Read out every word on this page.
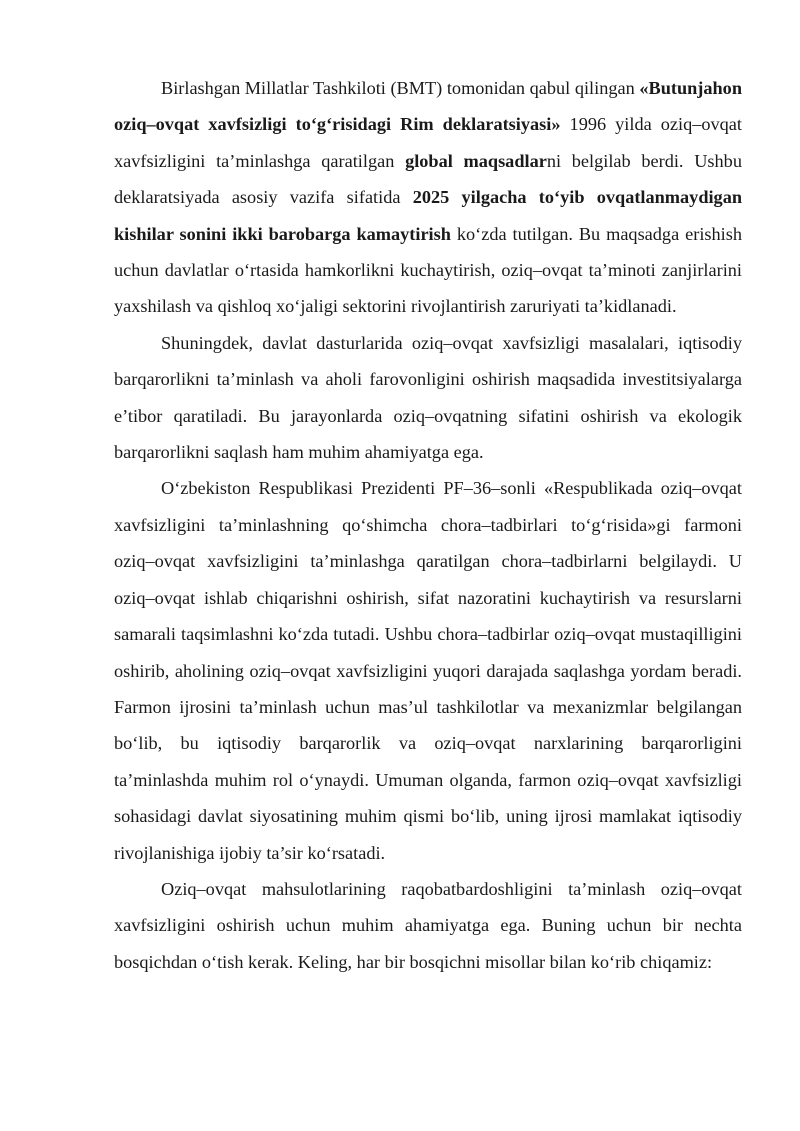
Birlashgan Millatlar Tashkiloti (BMT) tomonidan qabul qilingan «Butunjahon oziq–ovqat xavfsizligi to‘g‘risidagi Rim deklaratsiyasi» 1996 yilda oziq–ovqat xavfsizligini ta’minlashga qaratilgan global maqsadlarni belgilab berdi. Ushbu deklaratsiyada asosiy vazifa sifatida 2025 yilgacha to‘yib ovqatlanmaydigan kishilar sonini ikki barobarga kamaytirish ko‘zda tutilgan. Bu maqsadga erishish uchun davlatlar o‘rtasida hamkorlikni kuchaytirish, oziq–ovqat ta’minoti zanjirlarini yaxshilash va qishloq xo‘jaligi sektorini rivojlantirish zaruriyati ta’kidlanadi.

Shuningdek, davlat dasturlarida oziq–ovqat xavfsizligi masalalari, iqtisodiy barqarorlikni ta’minlash va aholi farovonligini oshirish maqsadida investitsiyalarga e’tibor qaratiladi. Bu jarayonlarda oziq–ovqatning sifatini oshirish va ekologik barqarorlikni saqlash ham muhim ahamiyatga ega.

O‘zbekiston Respublikasi Prezidenti PF–36–sonli «Respublikada oziq–ovqat xavfsizligini ta’minlashning qo‘shimcha chora–tadbirlari to‘g‘risida»gi farmoni oziq–ovqat xavfsizligini ta’minlashga qaratilgan chora–tadbirlarni belgilaydi. U oziq–ovqat ishlab chiqarishni oshirish, sifat nazoratini kuchaytirish va resurslarni samarali taqsimlashni ko‘zda tutadi. Ushbu chora–tadbirlar oziq–ovqat mustaqilligini oshirib, aholining oziq–ovqat xavfsizligini yuqori darajada saqlashga yordam beradi. Farmon ijrosini ta’minlash uchun mas’ul tashkilotlar va mexanizmlar belgilangan bo‘lib, bu iqtisodiy barqarorlik va oziq–ovqat narxlarining barqarorligini ta’minlashda muhim rol o‘ynaydi. Umuman olganda, farmon oziq–ovqat xavfsizligi sohasidagi davlat siyosatining muhim qismi bo‘lib, uning ijrosi mamlakat iqtisodiy rivojlanishiga ijobiy ta’sir ko‘rsatadi.

Oziq–ovqat mahsulotlarining raqobatbardoshligini ta’minlash oziq–ovqat xavfsizligini oshirish uchun muhim ahamiyatga ega. Buning uchun bir nechta bosqichdan o‘tish kerak. Keling, har bir bosqichni misollar bilan ko‘rib chiqamiz:
